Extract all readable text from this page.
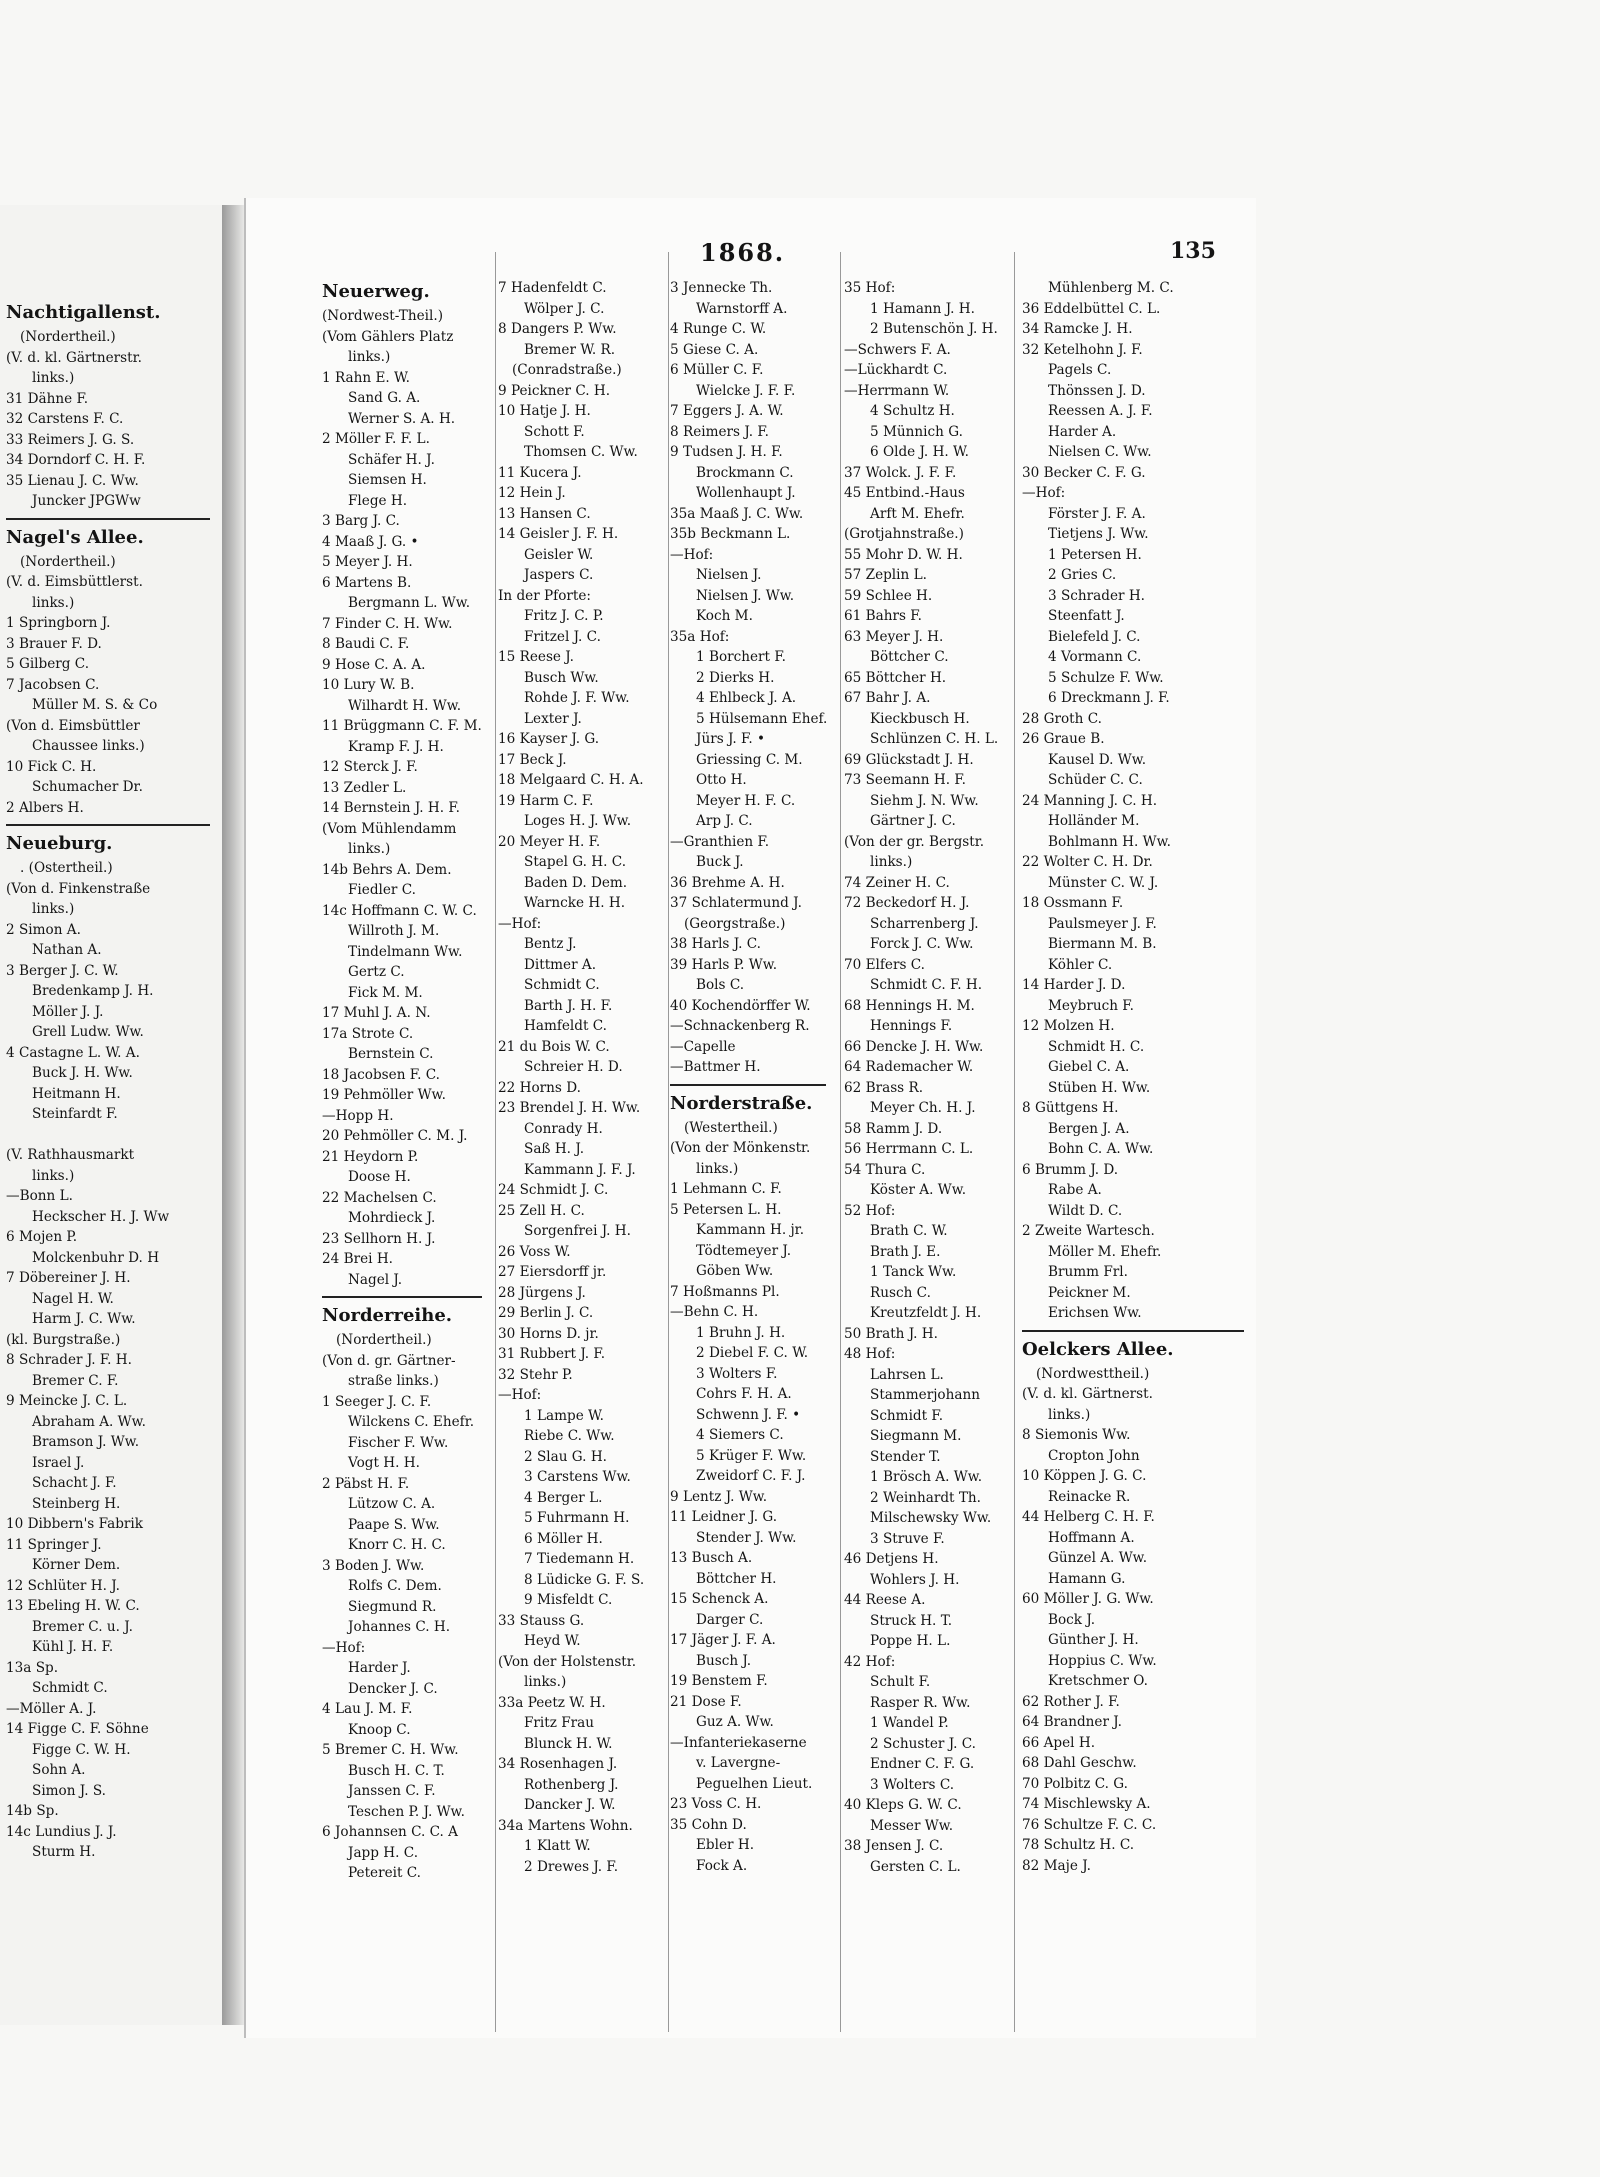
Nachtigallenst.
(Nordertheil.)
(V. d. kl. Gärtnerstr.
links.)
31 Dähne F.
32 Carstens F. C.
33 Reimers J. G. S.
34 Dorndorf C. H. F.
35 Lienau J. C. Ww.
Juncker JPGWw
Nagel's Allee.
(Nordertheil.)
(V. d. Eimsbüttlerst.
links.)
1 Springborn J.
3 Brauer F. D.
5 Gilberg C.
7 Jacobsen C.
Müller M. S. & Co
(Von d. Eimsbüttler
Chaussee links.)
10 Fick C. H.
Schumacher Dr.
2 Albers H.
Neueburg.
. (Ostertheil.)
(Von d. Finkenstraße
links.)
2 Simon A.
Nathan A.
3 Berger J. C. W.
Bredenkamp J. H.
Möller J. J.
Grell Ludw. Ww.
4 Castagne L. W. A.
Buck J. H. Ww.
Heitmann H.
Steinfardt F.
(V. Rathhausmarkt
links.)
—Bonn L.
Heckscher H. J. Ww
6 Mojen P.
Molckenbuhr D. H
7 Döbereiner J. H.
Nagel H. W.
Harm J. C. Ww.
(kl. Burgstraße.)
8 Schrader J. F. H.
Bremer C. F.
9 Meincke J. C. L.
Abraham A. Ww.
Bramson J. Ww.
Israel J.
Schacht J. F.
Steinberg H.
10 Dibbern's Fabrik
11 Springer J.
Körner Dem.
12 Schlüter H. J.
13 Ebeling H. W. C.
Bremer C. u. J.
Kühl J. H. F.
13a Sp.
Schmidt C.
—Möller A. J.
14 Figge C. F. Söhne
Figge C. W. H.
Sohn A.
Simon J. S.
14b Sp.
14c Lundius J. J.
Sturm H.
Neuerweg.
(Nordwest-Theil.)
(Vom Gählers Platz
links.)
1 Rahn E. W.
Sand G. A.
Werner S. A. H.
2 Möller F. F. L.
Schäfer H. J.
Siemsen H.
Flege H.
3 Barg J. C.
4 Maaß J. G. •
5 Meyer J. H.
6 Martens B.
Bergmann L. Ww.
7 Finder C. H. Ww.
8 Baudi C. F.
9 Hose C. A. A.
10 Lury W. B.
Wilhardt H. Ww.
11 Brüggmann C. F. M.
Kramp F. J. H.
12 Sterck J. F.
13 Zedler L.
14 Bernstein J. H. F.
(Vom Mühlendamm
links.)
14b Behrs A. Dem.
Fiedler C.
14c Hoffmann C. W. C.
Willroth J. M.
Tindelmann Ww.
Gertz C.
Fick M. M.
17 Muhl J. A. N.
17a Strote C.
Bernstein C.
18 Jacobsen F. C.
19 Pehmöller Ww.
—Hopp H.
20 Pehmöller C. M. J.
21 Heydorn P.
Doose H.
22 Machelsen C.
Mohrdieck J.
23 Sellhorn H. J.
24 Brei H.
Nagel J.
Norderreihe.
(Nordertheil.)
(Von d. gr. Gärtner-
straße links.)
1 Seeger J. C. F.
Wilckens C. Ehefr.
Fischer F. Ww.
Vogt H. H.
2 Päbst H. F.
Lützow C. A.
Paape S. Ww.
Knorr C. H. C.
3 Boden J. Ww.
Rolfs C. Dem.
Siegmund R.
Johannes C. H.
—Hof:
Harder J.
Dencker J. C.
4 Lau J. M. F.
Knoop C.
5 Bremer C. H. Ww.
Busch H. C. T.
Janssen C. F.
Teschen P. J. Ww.
6 Johannsen C. C. A
Japp H. C.
Petereit C.
7 Hadenfeldt C.
Wölper J. C.
8 Dangers P. Ww.
Bremer W. R.
(Conradstraße.)
9 Peickner C. H.
10 Hatje J. H.
Schott F.
Thomsen C. Ww.
11 Kucera J.
12 Hein J.
13 Hansen C.
14 Geisler J. F. H.
Geisler W.
Jaspers C.
In der Pforte:
Fritz J. C. P.
Fritzel J. C.
15 Reese J.
Busch Ww.
Rohde J. F. Ww.
Lexter J.
16 Kayser J. G.
17 Beck J.
18 Melgaard C. H. A.
19 Harm C. F.
Loges H. J. Ww.
20 Meyer H. F.
Stapel G. H. C.
Baden D. Dem.
Warncke H. H.
—Hof:
Bentz J.
Dittmer A.
Schmidt C.
Barth J. H. F.
Hamfeldt C.
21 du Bois W. C.
Schreier H. D.
22 Horns D.
23 Brendel J. H. Ww.
Conrady H.
Saß H. J.
Kammann J. F. J.
24 Schmidt J. C.
25 Zell H. C.
Sorgenfrei J. H.
26 Voss W.
27 Eiersdorff jr.
28 Jürgens J.
29 Berlin J. C.
30 Horns D. jr.
31 Rubbert J. F.
32 Stehr P.
—Hof:
1 Lampe W.
Riebe C. Ww.
2 Slau G. H.
3 Carstens Ww.
4 Berger L.
5 Fuhrmann H.
6 Möller H.
7 Tiedemann H.
8 Lüdicke G. F. S.
9 Misfeldt C.
33 Stauss G.
Heyd W.
(Von der Holstenstr.
links.)
33a Peetz W. H.
Fritz Frau
Blunck H. W.
34 Rosenhagen J.
Rothenberg J.
Dancker J. W.
34a Martens Wohn.
1 Klatt W.
2 Drewes J. F.
3 Jennecke Th.
Warnstorff A.
4 Runge C. W.
5 Giese C. A.
6 Müller C. F.
Wielcke J. F. F.
7 Eggers J. A. W.
8 Reimers J. F.
9 Tudsen J. H. F.
Brockmann C.
Wollenhaupt J.
35a Maaß J. C. Ww.
35b Beckmann L.
—Hof:
Nielsen J.
Nielsen J. Ww.
Koch M.
35a Hof:
1 Borchert F.
2 Dierks H.
4 Ehlbeck J. A.
5 Hülsemann Ehef.
Jürs J. F. •
Griessing C. M.
Otto H.
Meyer H. F. C.
Arp J. C.
—Granthien F.
Buck J.
36 Brehme A. H.
37 Schlatermund J.
(Georgstraße.)
38 Harls J. C.
39 Harls P. Ww.
Bols C.
40 Kochendörffer W.
—Schnackenberg R.
—Capelle
—Battmer H.
Norderstraße.
(Westertheil.)
(Von der Mönkenstr.
links.)
1 Lehmann C. F.
5 Petersen L. H.
Kammann H. jr.
Tödtemeyer J.
Göben Ww.
7 Hoßmanns Pl.
—Behn C. H.
1 Bruhn J. H.
2 Diebel F. C. W.
3 Wolters F.
Cohrs F. H. A.
Schwenn J. F. •
4 Siemers C.
5 Krüger F. Ww.
Zweidorf C. F. J.
9 Lentz J. Ww.
11 Leidner J. G.
Stender J. Ww.
13 Busch A.
Böttcher H.
15 Schenck A.
Darger C.
17 Jäger J. F. A.
Busch J.
19 Benstem F.
21 Dose F.
Guz A. Ww.
—Infanteriekaserne
v. Lavergne-
Peguelhen Lieut.
23 Voss C. H.
35 Cohn D.
Ebler H.
Fock A.
35 Hof:
1 Hamann J. H.
2 Butenschön J. H.
—Schwers F. A.
—Lückhardt C.
—Herrmann W.
4 Schultz H.
5 Münnich G.
6 Olde J. H. W.
37 Wolck. J. F. F.
45 Entbind.-Haus
Arft M. Ehefr.
(Grotjahnstraße.)
55 Mohr D. W. H.
57 Zeplin L.
59 Schlee H.
61 Bahrs F.
63 Meyer J. H.
Böttcher C.
65 Böttcher H.
67 Bahr J. A.
Kieckbusch H.
Schlünzen C. H. L.
69 Glückstadt J. H.
73 Seemann H. F.
Siehm J. N. Ww.
Gärtner J. C.
(Von der gr. Bergstr.
links.)
74 Zeiner H. C.
72 Beckedorf H. J.
Scharrenberg J.
Forck J. C. Ww.
70 Elfers C.
Schmidt C. F. H.
68 Hennings H. M.
Hennings F.
66 Dencke J. H. Ww.
64 Rademacher W.
62 Brass R.
Meyer Ch. H. J.
58 Ramm J. D.
56 Herrmann C. L.
54 Thura C.
Köster A. Ww.
52 Hof:
Brath C. W.
Brath J. E.
1 Tanck Ww.
Rusch C.
Kreutzfeldt J. H.
50 Brath J. H.
48 Hof:
Lahrsen L.
Stammerjohann
Schmidt F.
Siegmann M.
Stender T.
1 Brösch A. Ww.
2 Weinhardt Th.
Milschewsky Ww.
3 Struve F.
46 Detjens H.
Wohlers J. H.
44 Reese A.
Struck H. T.
Poppe H. L.
42 Hof:
Schult F.
Rasper R. Ww.
1 Wandel P.
2 Schuster J. C.
Endner C. F. G.
3 Wolters C.
40 Kleps G. W. C.
Messer Ww.
38 Jensen J. C.
Gersten C. L.
Mühlenberg M. C.
36 Eddelbüttel C. L.
34 Ramcke J. H.
32 Ketelhohn J. F.
Pagels C.
Thönssen J. D.
Reessen A. J. F.
Harder A.
Nielsen C. Ww.
30 Becker C. F. G.
—Hof:
Förster J. F. A.
Tietjens J. Ww.
1 Petersen H.
2 Gries C.
3 Schrader H.
Steenfatt J.
Bielefeld J. C.
4 Vormann C.
5 Schulze F. Ww.
6 Dreckmann J. F.
28 Groth C.
26 Graue B.
Kausel D. Ww.
Schüder C. C.
24 Manning J. C. H.
Holländer M.
Bohlmann H. Ww.
22 Wolter C. H. Dr.
Münster C. W. J.
18 Ossmann F.
Paulsmeyer J. F.
Biermann M. B.
Köhler C.
14 Harder J. D.
Meybruch F.
12 Molzen H.
Schmidt H. C.
Giebel C. A.
Stüben H. Ww.
8 Güttgens H.
Bergen J. A.
Bohn C. A. Ww.
6 Brumm J. D.
Rabe A.
Wildt D. C.
2 Zweite Wartesch.
Möller M. Ehefr.
Brumm Frl.
Peickner M.
Erichsen Ww.
Oelckers Allee.
(Nordwesttheil.)
(V. d. kl. Gärtnerst.
links.)
8 Siemonis Ww.
Cropton John
10 Köppen J. G. C.
Reinacke R.
44 Helberg C. H. F.
Hoffmann A.
Günzel A. Ww.
Hamann G.
60 Möller J. G. Ww.
Bock J.
Günther J. H.
Hoppius C. Ww.
Kretschmer O.
62 Rother J. F.
64 Brandner J.
66 Apel H.
68 Dahl Geschw.
70 Polbitz C. G.
74 Mischlewsky A.
76 Schultze F. C. C.
78 Schultz H. C.
82 Maje J.
1868.	135
